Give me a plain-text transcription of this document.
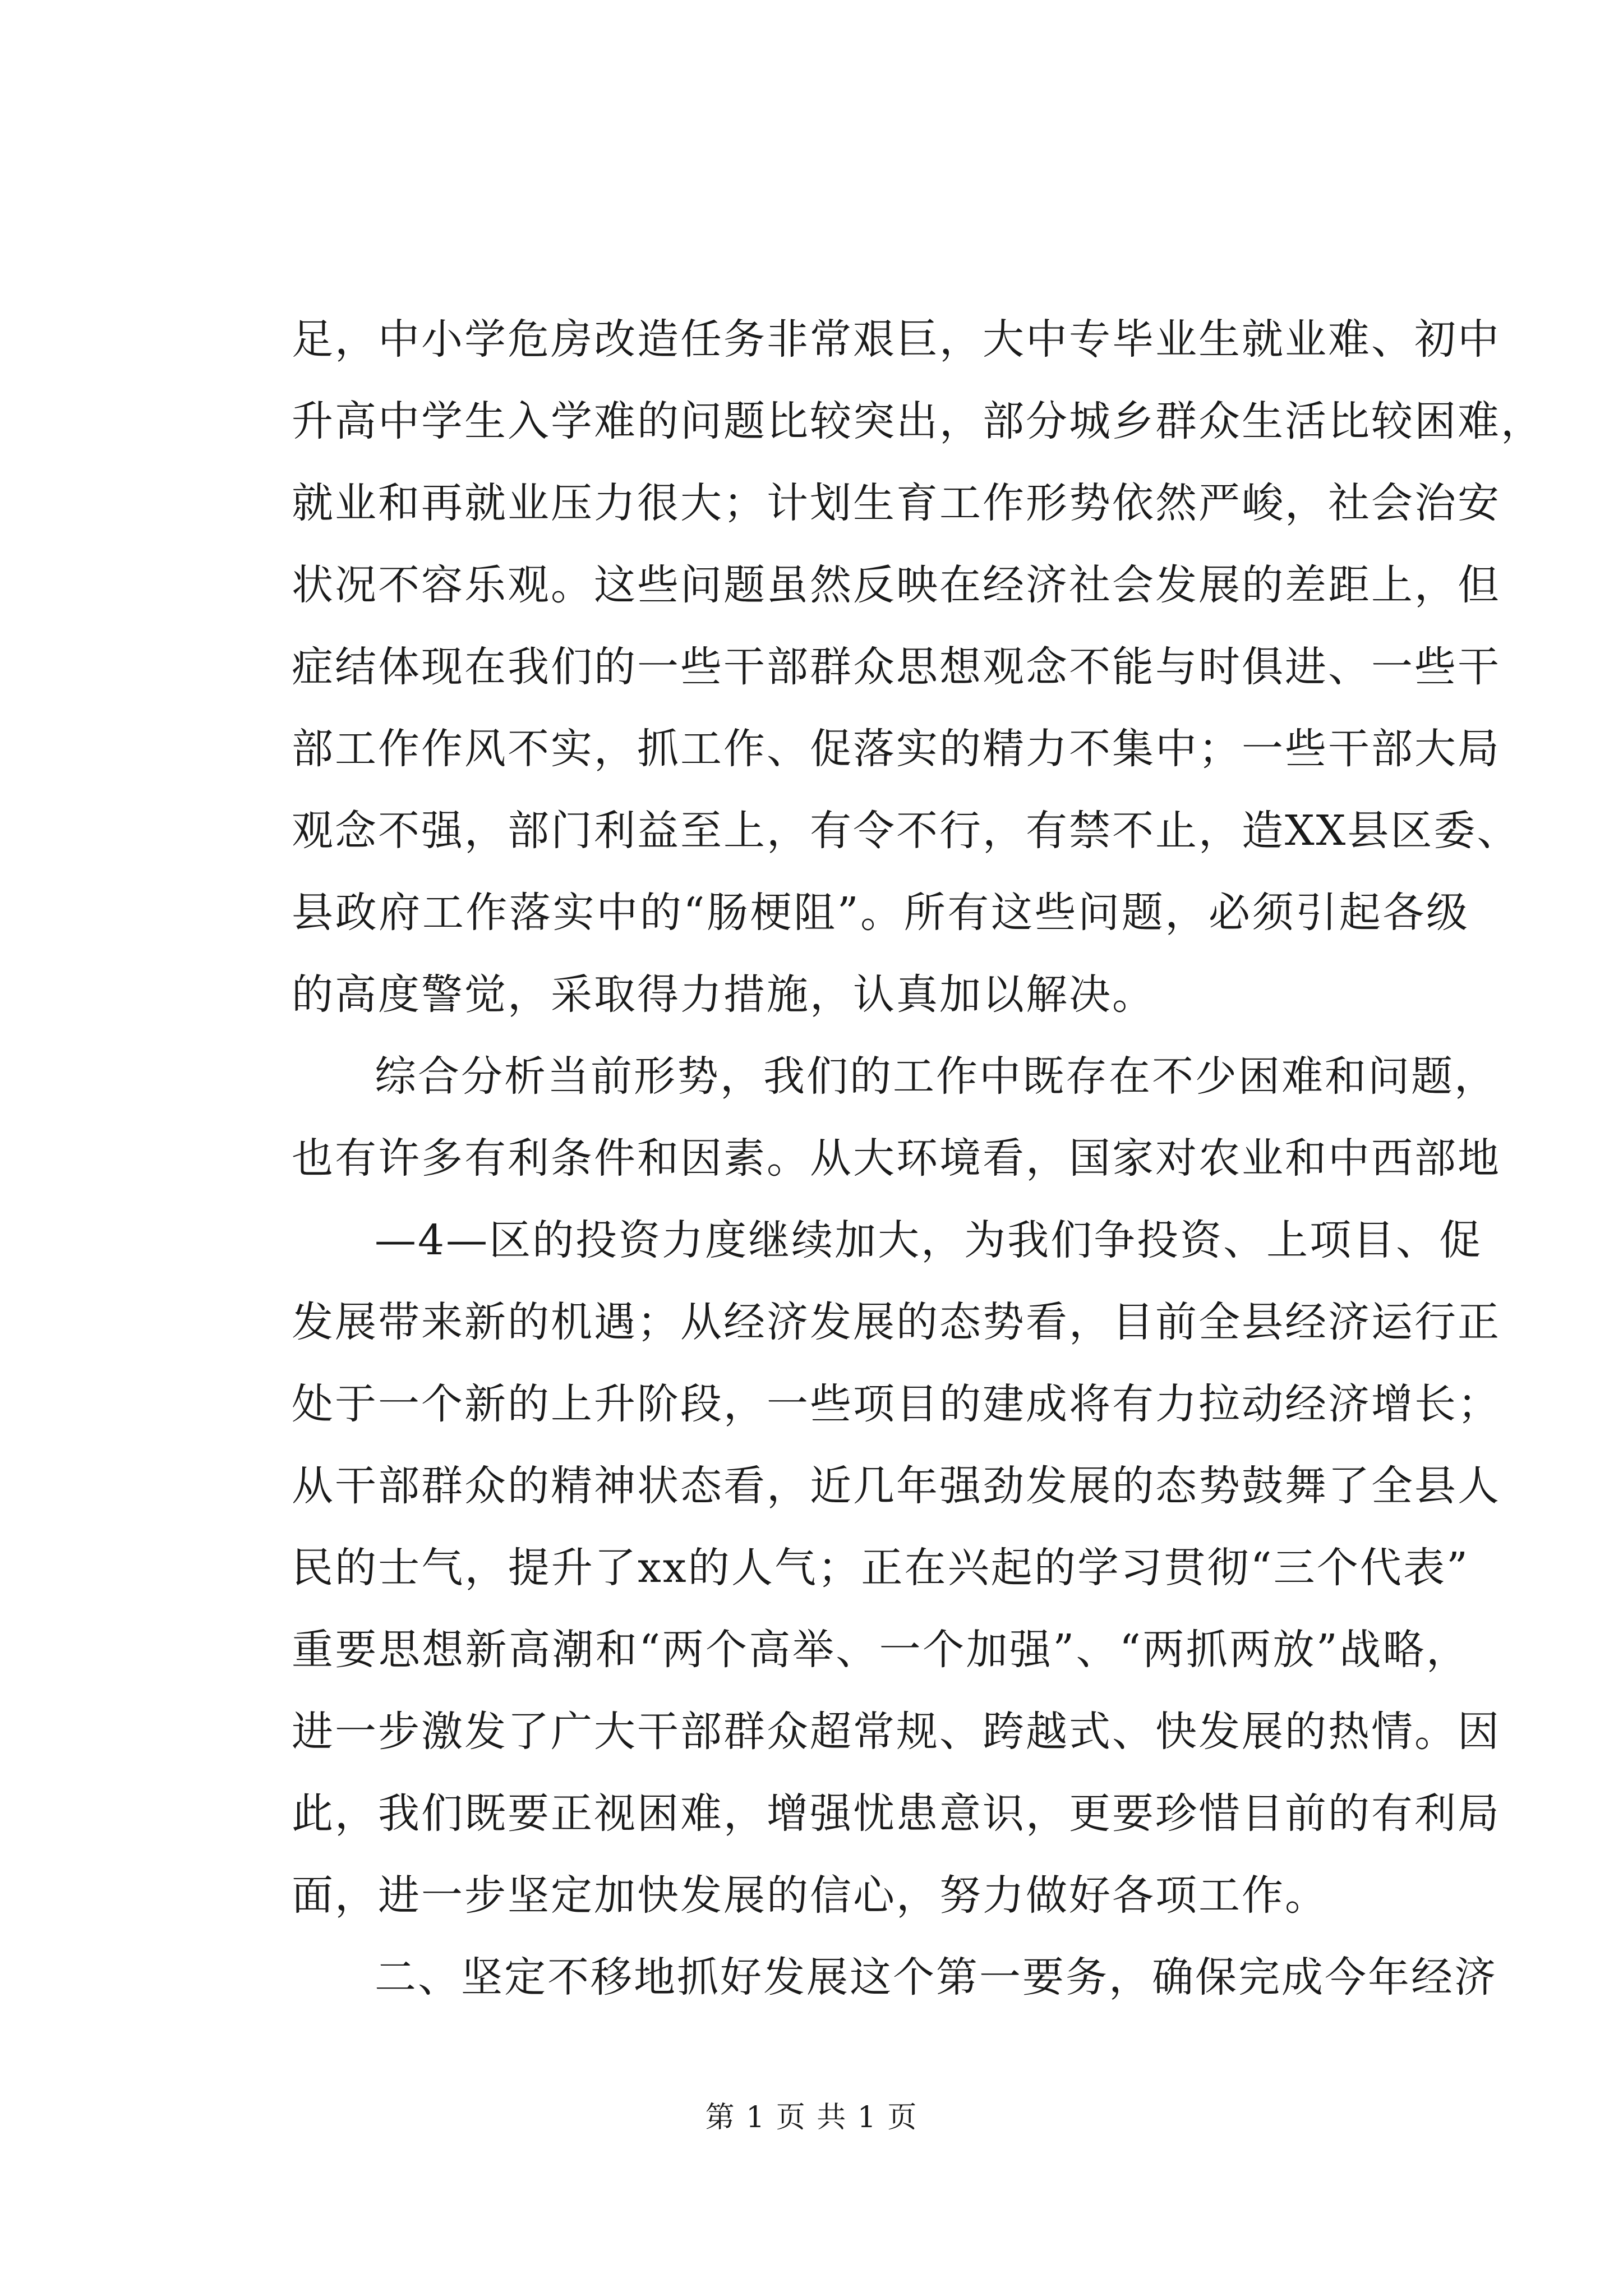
足，中小学危房改造任务非常艰巨，大中专毕业生就业难、初中
升高中学生入学难的问题比较突出，部分城乡群众生活比较困难，
就业和再就业压力很大；计划生育工作形势依然严峻，社会治安
状况不容乐观。这些问题虽然反映在经济社会发展的差距上，但
症结体现在我们的一些干部群众思想观念不能与时俱进、一些干
部工作作风不实，抓工作、促落实的精力不集中；一些干部大局
观念不强，部门利益至上，有令不行，有禁不止，造XX县区委、
县政府工作落实中的“肠梗阻”。所有这些问题，必须引起各级
的高度警觉，采取得力措施，认真加以解决。
综合分析当前形势，我们的工作中既存在不少困难和问题，
也有许多有利条件和因素。从大环境看，国家对农业和中西部地
—4—区的投资力度继续加大，为我们争投资、上项目、促
发展带来新的机遇；从经济发展的态势看，目前全县经济运行正
处于一个新的上升阶段，一些项目的建成将有力拉动经济增长；
从干部群众的精神状态看，近几年强劲发展的态势鼓舞了全县人
民的士气，提升了xx的人气；正在兴起的学习贯彻“三个代表”
重要思想新高潮和“两个高举、一个加强”、“两抓两放”战略，
进一步激发了广大干部群众超常规、跨越式、快发展的热情。因
此，我们既要正视困难，增强忧患意识，更要珍惜目前的有利局
面，进一步坚定加快发展的信心，努力做好各项工作。
二、坚定不移地抓好发展这个第一要务，确保完成今年经济
第 1 页 共 1 页
